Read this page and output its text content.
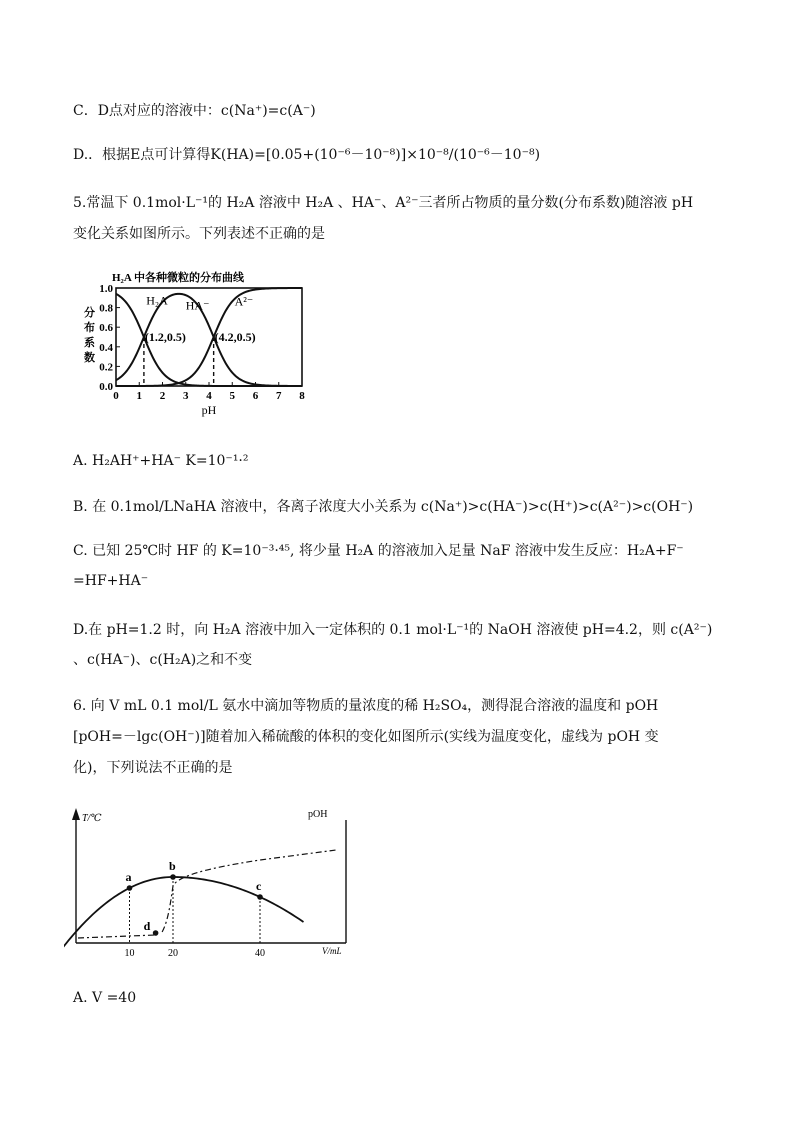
C．D点对应的溶液中：c(Na⁺)=c(A⁻)
D.．根据E点可计算得K(HA)=[0.05+(10⁻⁶－10⁻⁸)]×10⁻⁸/(10⁻⁶－10⁻⁸)
5.常温下 0.1mol·L⁻¹的 H₂A 溶液中 H₂A 、HA⁻、A²⁻三者所占物质的量分数(分布系数)随溶液 pH
变化关系如图所示。下列表述不正确的是
H₂A 中各种微粒的分布曲线
0.0
0.2
0.4
0.6
0.8
1.0
0 1 2 3 4 5 6 7 8
pH
分布系数
H₂A HA⁻ A²⁻
(1.2,0.5) (4.2,0.5)
A. H₂AH⁺+HA⁻ K=10⁻¹·²
B. 在 0.1mol/LNaHA 溶液中，各离子浓度大小关系为 c(Na⁺)>c(HA⁻)>c(H⁺)>c(A²⁻)>c(OH⁻)
C. 已知 25℃时 HF 的 K=10⁻³·⁴⁵, 将少量 H₂A 的溶液加入足量 NaF 溶液中发生反应：H₂A+F⁻
=HF+HA⁻
D.在 pH=1.2 时，向 H₂A 溶液中加入一定体积的 0.1 mol·L⁻¹的 NaOH 溶液使 pH=4.2，则 c(A²⁻)
、c(HA⁻)、c(H₂A)之和不变
6. 向 V mL 0.1 mol/L 氨水中滴加等物质的量浓度的稀 H₂SO₄，测得混合溶液的温度和 pOH
[pOH=－lgc(OH⁻)]随着加入稀硫酸的体积的变化如图所示(实线为温度变化，虚线为 pOH 变
化)，下列说法不正确的是
T/℃	pOH
V/mL
10	20	40
a
b
c
d
A. V =40
